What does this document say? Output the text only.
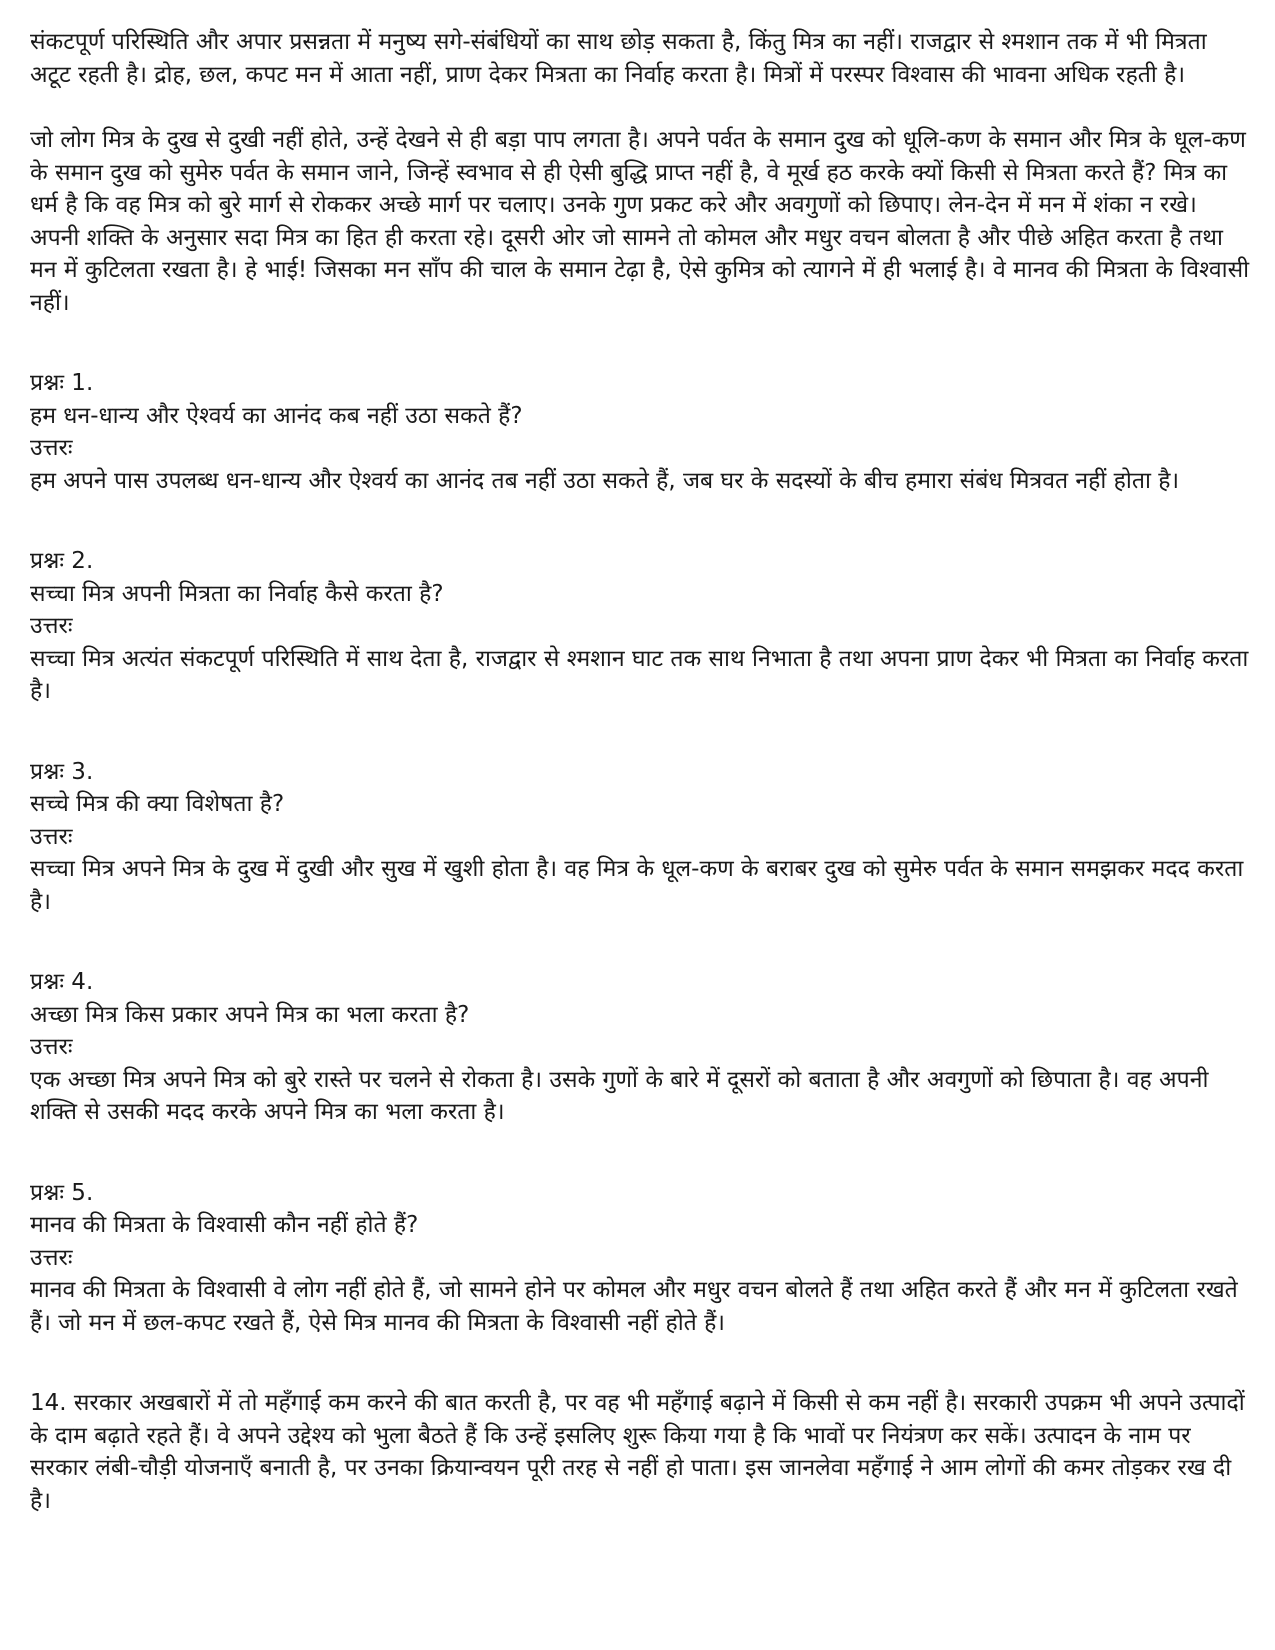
संकटपूर्ण परिस्थिति और अपार प्रसन्नता में मनुष्य सगे-संबंधियों का साथ छोड़ सकता है, किंतु मित्र का नहीं। राजद्वार से श्मशान तक में भी मित्रता अटूट रहती है। द्रोह, छल, कपट मन में आता नहीं, प्राण देकर मित्रता का निर्वाह करता है। मित्रों में परस्पर विश्वास की भावना अधिक रहती है।

जो लोग मित्र के दुख से दुखी नहीं होते, उन्हें देखने से ही बड़ा पाप लगता है। अपने पर्वत के समान दुख को धूलि-कण के समान और मित्र के धूल-कण के समान दुख को सुमेरु पर्वत के समान जाने, जिन्हें स्वभाव से ही ऐसी बुद्धि प्राप्त नहीं है, वे मूर्ख हठ करके क्यों किसी से मित्रता करते हैं? मित्र का धर्म है कि वह मित्र को बुरे मार्ग से रोककर अच्छे मार्ग पर चलाए। उनके गुण प्रकट करे और अवगुणों को छिपाए। लेन-देन में मन में शंका न रखे। अपनी शक्ति के अनुसार सदा मित्र का हित ही करता रहे। दूसरी ओर जो सामने तो कोमल और मधुर वचन बोलता है और पीछे अहित करता है तथा मन में कुटिलता रखता है। हे भाई! जिसका मन साँप की चाल के समान टेढ़ा है, ऐसे कुमित्र को त्यागने में ही भलाई है। वे मानव की मित्रता के विश्वासी नहीं।

प्रश्नः 1.

हम धन-धान्य और ऐश्वर्य का आनंद कब नहीं उठा सकते हैं?

उत्तरः

हम अपने पास उपलब्ध धन-धान्य और ऐश्वर्य का आनंद तब नहीं उठा सकते हैं, जब घर के सदस्यों के बीच हमारा संबंध मित्रवत नहीं होता है।

प्रश्नः 2.

सच्चा मित्र अपनी मित्रता का निर्वाह कैसे करता है?

उत्तरः

सच्चा मित्र अत्यंत संकटपूर्ण परिस्थिति में साथ देता है, राजद्वार से श्मशान घाट तक साथ निभाता है तथा अपना प्राण देकर भी मित्रता का निर्वाह करता है।

प्रश्नः 3.

सच्चे मित्र की क्या विशेषता है?

उत्तरः

सच्चा मित्र अपने मित्र के दुख में दुखी और सुख में खुशी होता है। वह मित्र के धूल-कण के बराबर दुख को सुमेरु पर्वत के समान समझकर मदद करता है।

प्रश्नः 4.

अच्छा मित्र किस प्रकार अपने मित्र का भला करता है?

उत्तरः

एक अच्छा मित्र अपने मित्र को बुरे रास्ते पर चलने से रोकता है। उसके गुणों के बारे में दूसरों को बताता है और अवगुणों को छिपाता है। वह अपनी शक्ति से उसकी मदद करके अपने मित्र का भला करता है।

प्रश्नः 5.

मानव की मित्रता के विश्वासी कौन नहीं होते हैं?

उत्तरः

मानव की मित्रता के विश्वासी वे लोग नहीं होते हैं, जो सामने होने पर कोमल और मधुर वचन बोलते हैं तथा अहित करते हैं और मन में कुटिलता रखते हैं। जो मन में छल-कपट रखते हैं, ऐसे मित्र मानव की मित्रता के विश्वासी नहीं होते हैं।

14. सरकार अखबारों में तो महँगाई कम करने की बात करती है, पर वह भी महँगाई बढ़ाने में किसी से कम नहीं है। सरकारी उपक्रम भी अपने उत्पादों के दाम बढ़ाते रहते हैं। वे अपने उद्देश्य को भुला बैठते हैं कि उन्हें इसलिए शुरू किया गया है कि भावों पर नियंत्रण कर सकें। उत्पादन के नाम पर सरकार लंबी-चौड़ी योजनाएँ बनाती है, पर उनका क्रियान्वयन पूरी तरह से नहीं हो पाता। इस जानलेवा महँगाई ने आम लोगों की कमर तोड़कर रख दी है।
